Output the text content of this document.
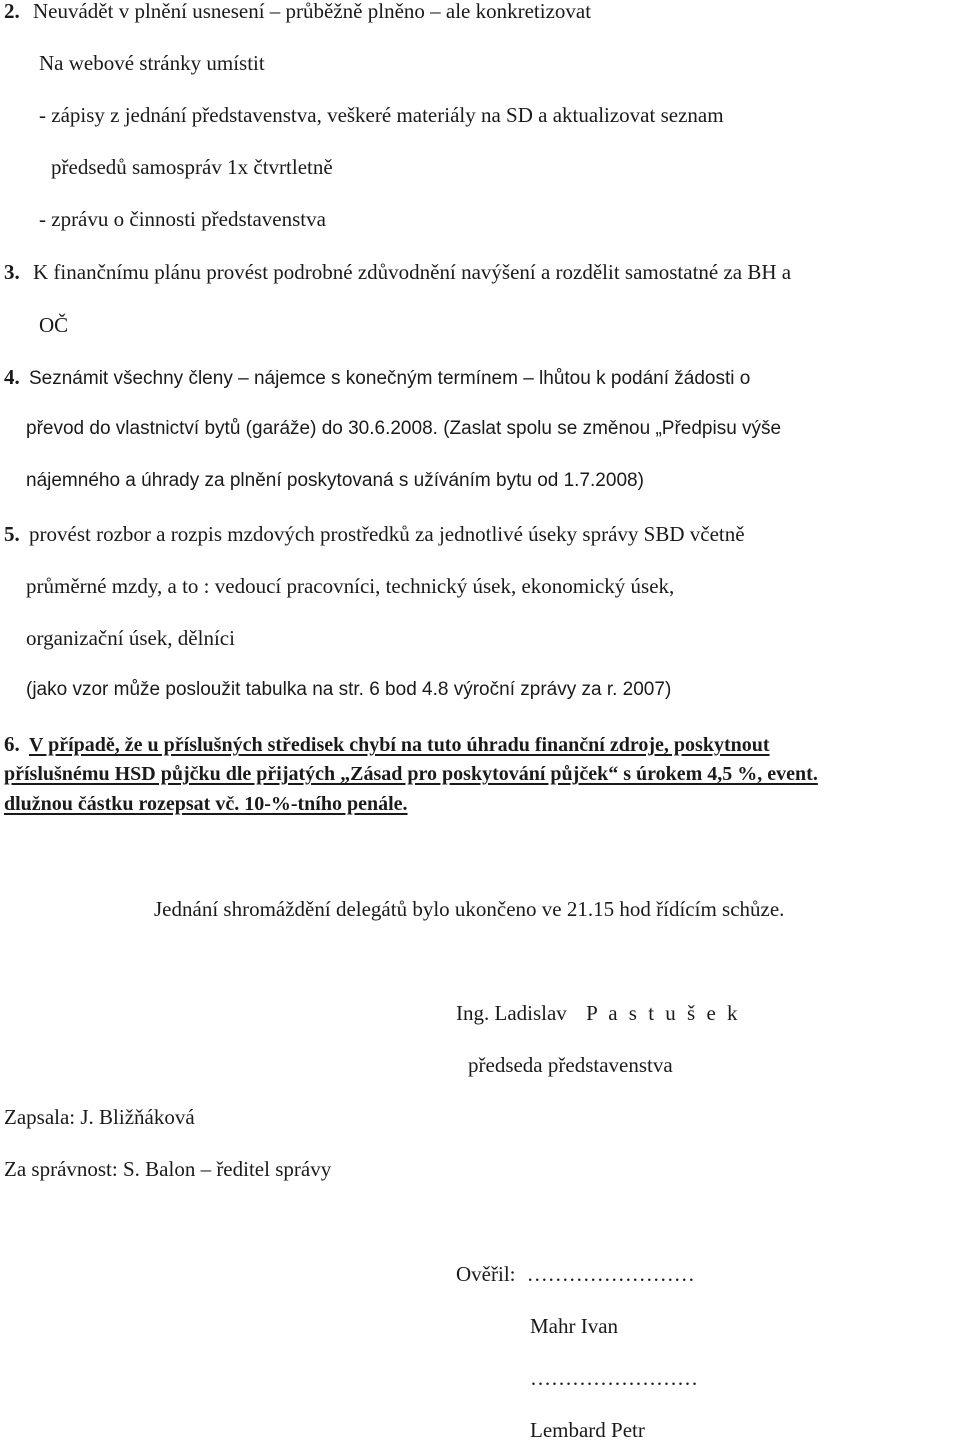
2. Neuvádět v plnění usnesení – průběžně plněno – ale konkretizovat
Na webové stránky umístit
- zápisy z jednání představenstva, veškeré materiály na SD a aktualizovat seznam
předsedů samospráv 1x čtvrtletně
- zprávu o činnosti představenstva
3. K finančnímu plánu provést podrobné zdůvodnění navýšení a rozdělit samostatné za BH a
OČ
4. Seznámit všechny členy – nájemce s konečným termínem – lhůtou k podání žádosti o
převod do vlastnictví bytů (garáže) do 30.6.2008. (Zaslat spolu se změnou „Předpisu výše
nájemného a úhrady za plnění poskytovaná s užíváním bytu od 1.7.2008)
5. provést rozbor a rozpis mzdových prostředků za jednotlivé úseky správy SBD včetně
průměrné mzdy, a to : vedoucí pracovníci, technický úsek, ekonomický úsek,
organizační úsek, dělníci
(jako vzor může posloužit tabulka na str. 6 bod 4.8 výroční zprávy za r. 2007)
6. V případě, že u příslušných středisek chybí na tuto úhradu finanční zdroje, poskytnout
příslušnému HSD půjčku dle přijatých „Zásad pro poskytování půjček“ s úrokem 4,5 %, event.
dlužnou částku rozepsat vč. 10-%-tního penále.
Jednání shromáždění delegátů bylo ukončeno ve 21.15 hod řídícím schůze.
Ing. Ladislav P a s t u š e k
předseda představenstva
Zapsala: J. Bližňáková
Za správnost: S. Balon – ředitel správy
Ověřil: ……………………
Mahr Ivan
……………………
Lembard Petr
